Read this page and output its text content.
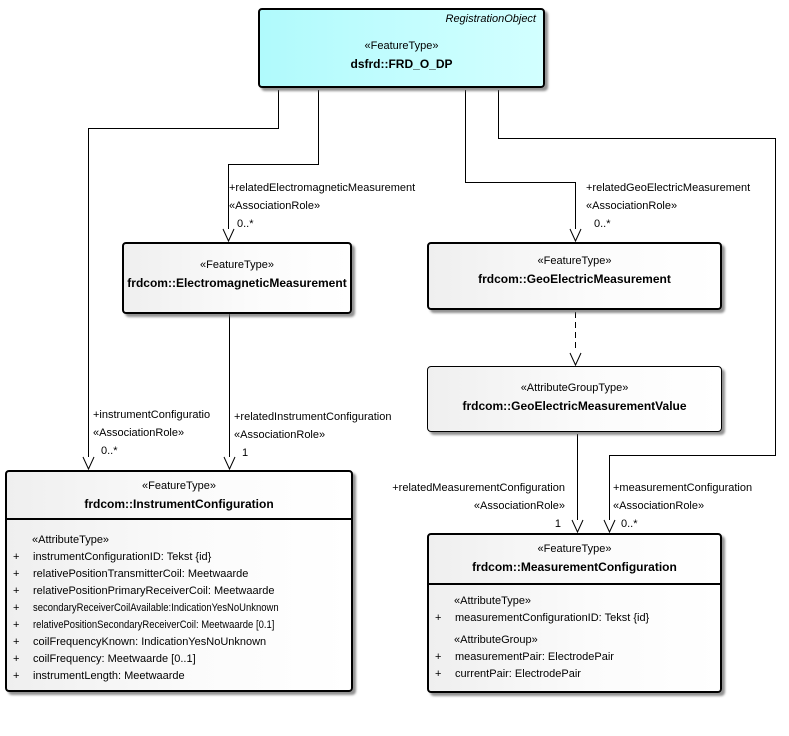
RegistrationObject
«FeatureType»
dsfrd::FRD_O_DP
«FeatureType»
frdcom::ElectromagneticMeasurement
«FeatureType»
frdcom::GeoElectricMeasurement
«AttributeGroupType»
frdcom::GeoElectricMeasurementValue
«FeatureType»
frdcom::InstrumentConfiguration
«AttributeType»
+	instrumentConfigurationID: Tekst {id}
+	relativePositionTransmitterCoil: Meetwaarde
+	relativePositionPrimaryReceiverCoil: Meetwaarde
+	secondaryReceiverCoilAvailable:IndicationYesNoUnknown
+	relativePositionSecondaryReceiverCoil: Meetwaarde [0.1]
+	coilFrequencyKnown: IndicationYesNoUnknown
+	coilFrequency: Meetwaarde [0..1]
+	instrumentLength: Meetwaarde
«FeatureType»
frdcom::MeasurementConfiguration
«AttributeType»
+	measurementConfigurationID: Tekst {id}
«AttributeGroup»
+	measurementPair: ElectrodePair
+	currentPair: ElectrodePair
+relatedElectromagneticMeasurement
«AssociationRole»
0..*
+relatedGeoElectricMeasurement
«AssociationRole»
0..*
+instrumentConfiguratio
«AssociationRole»
0..*
+relatedInstrumentConfiguration
«AssociationRole»
1
+relatedMeasurementConfiguration
«AssociationRole»
1
+measurementConfiguration
«AssociationRole»
0..*
